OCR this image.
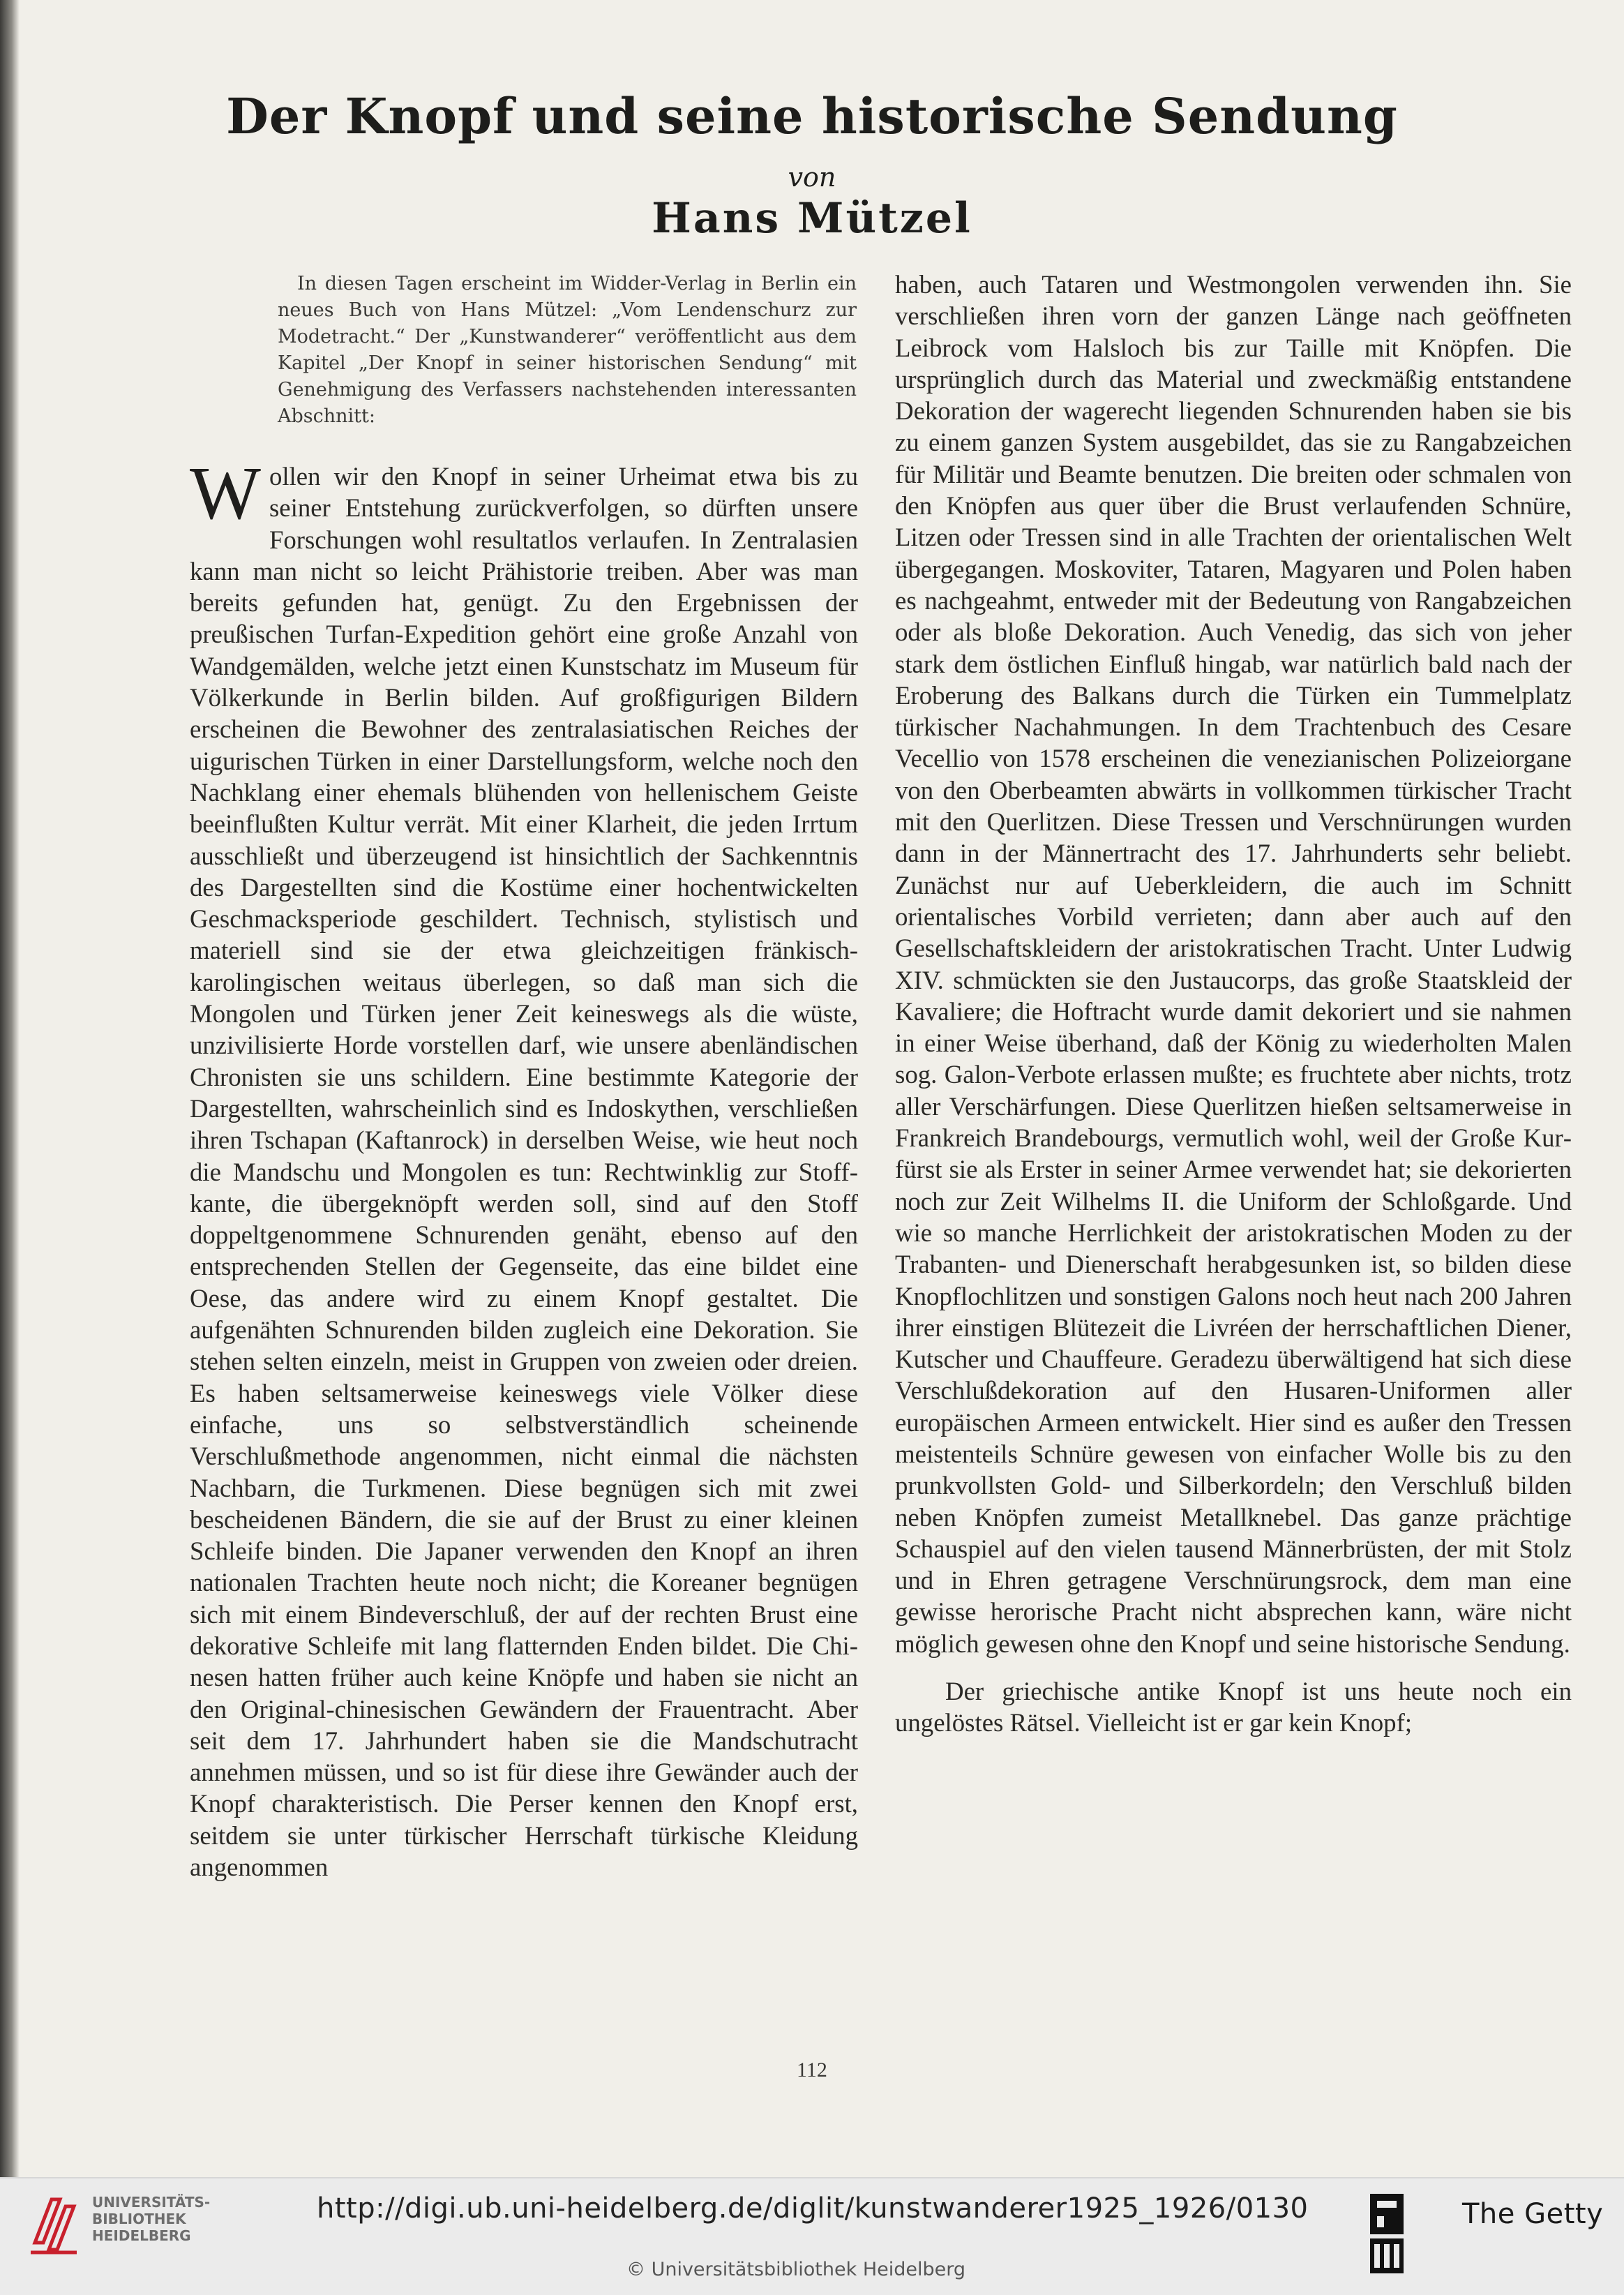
Der Knopf und seine historische Sendung
von
Hans Mützel
In diesen Tagen erscheint im Widder-Verlag in Berlin ein neues Buch von Hans Mützel: „Vom Lendenschurz zur Modetracht.“ Der „Kunstwanderer“ veröffentlicht aus dem Kapitel „Der Knopf in seiner historischen Sendung“ mit Genehmigung des Verfassers nachstehenden interessanten Abschnitt:

Wollen wir den Knopf in seiner Urheimat etwa bis zu seiner Entstehung zurückverfolgen, so dürften unsere Forschungen wohl resultatlos verlaufen. In Zentralasien kann man nicht so leicht Prähistorie treiben. Aber was man bereits gefunden hat, genügt. Zu den Ergebnissen der preußischen Turfan-Expedition gehört eine große Anzahl von Wandgemälden, welche jetzt einen Kunstschatz im Museum für Völkerkunde in Berlin bilden. Auf großfigurigen Bildern erscheinen die Bewohner des zentralasiatischen Reiches der uigurischen Türken in einer Darstellungsform, welche noch den Nachklang einer ehemals blühenden von hellenischem Geiste beeinflußten Kultur verrät. Mit einer Klarheit, die jeden Irrtum ausschließt und überzeugend ist hinsichtlich der Sachkenntnis des Dargestellten sind die Kostüme einer hochentwickelten Geschmacksperiode geschildert. Technisch, stylistisch und materiell sind sie der etwa gleichzeitigen fränkisch-karolingischen weitaus überlegen, so daß man sich die Mongolen und Türken jener Zeit keineswegs als die wüste, unzivilisierte Horde vorstellen darf, wie unsere abenländischen Chronisten sie uns schildern. Eine bestimmte Kategorie der Dargestellten, wahrscheinlich sind es Indoskythen, verschließen ihren Tschapan (Kaftanrock) in derselben Weise, wie heut noch die Mandschu und Mongolen es tun: Rechtwinklig zur Stoffkante, die übergeknöpft werden soll, sind auf den Stoff doppeltgenommene Schnurenden genäht, ebenso auf den entsprechenden Stellen der Gegenseite, das eine bildet eine Oese, das andere wird zu einem Knopf gestaltet. Die aufgenähten Schnurenden bilden zugleich eine Dekoration. Sie stehen selten einzeln, meist in Gruppen von zweien oder dreien. Es haben seltsamerweise keineswegs viele Völker diese einfache, uns so selbstverständlich scheinende Verschlußmethode angenommen, nicht einmal die nächsten Nachbarn, die Turkmenen. Diese begnügen sich mit zwei bescheidenen Bändern, die sie auf der Brust zu einer kleinen Schleife binden. Die Japaner verwenden den Knopf an ihren nationalen Trachten heute noch nicht; die Koreaner begnügen sich mit einem Bindeverschluß, der auf der rechten Brust eine dekorative Schleife mit lang flatternden Enden bildet. Die Chinesen hatten früher auch keine Knöpfe und haben sie nicht an den Original-chinesischen Gewändern der Frauentracht. Aber seit dem 17. Jahrhundert haben sie die Mandschutracht annehmen müssen, und so ist für diese ihre Gewänder auch der Knopf charakteristisch. Die Perser kennen den Knopf erst, seitdem sie unter türkischer Herrschaft türkische Kleidung angenommen

haben, auch Tataren und Westmongolen verwenden ihn. Sie verschließen ihren vorn der ganzen Länge nach geöffneten Leibrock vom Halsloch bis zur Taille mit Knöpfen. Die ursprünglich durch das Material und zweckmäßig entstandene Dekoration der wagerecht liegenden Schnurenden haben sie bis zu einem ganzen System ausgebildet, das sie zu Rangabzeichen für Militär und Beamte benutzen. Die breiten oder schmalen von den Knöpfen aus quer über die Brust verlaufenden Schnüre, Litzen oder Tressen sind in alle Trachten der orientalischen Welt übergegangen. Moskoviter, Tataren, Magyaren und Polen haben es nachgeahmt, entweder mit der Bedeutung von Rangabzeichen oder als bloße Dekoration. Auch Venedig, das sich von jeher stark dem östlichen Einfluß hingab, war natürlich bald nach der Eroberung des Balkans durch die Türken ein Tummelplatz türkischer Nachahmungen. In dem Trachtenbuch des Cesare Vecellio von 1578 erscheinen die venezianischen Polizeiorgane von den Oberbeamten abwärts in vollkommen türkischer Tracht mit den Querlitzen. Diese Tressen und Verschnürungen wurden dann in der Männertracht des 17. Jahrhunderts sehr beliebt. Zunächst nur auf Ueberkleidern, die auch im Schnitt orientalisches Vorbild verrieten; dann aber auch auf den Gesellschaftskleidern der aristokratischen Tracht. Unter Ludwig XIV. schmückten sie den Justaucorps, das große Staatskleid der Kavaliere; die Hoftracht wurde damit dekoriert und sie nahmen in einer Weise überhand, daß der König zu wiederholten Malen sog. Galon-Verbote erlassen mußte; es fruchtete aber nichts, trotz aller Verschärfungen. Diese Querlitzen hießen seltsamerweise in Frankreich Brandebourgs, vermutlich wohl, weil der Große Kurfürst sie als Erster in seiner Armee verwendet hat; sie dekorierten noch zur Zeit Wilhelms II. die Uniform der Schloßgarde. Und wie so manche Herrlichkeit der aristokratischen Moden zu der Trabanten- und Dienerschaft herabgesunken ist, so bilden diese Knopflochlitzen und sonstigen Galons noch heut nach 200 Jahren ihrer einstigen Blütezeit die Livréen der herrschaftlichen Diener, Kutscher und Chauffeure. Geradezu überwältigend hat sich diese Verschlußdekoration auf den Husaren-Uniformen aller europäischen Armeen entwickelt. Hier sind es außer den Tressen meistenteils Schnüre gewesen von einfacher Wolle bis zu den prunkvollsten Gold- und Silberkordeln; den Verschluß bilden neben Knöpfen zumeist Metallknebel. Das ganze prächtige Schauspiel auf den vielen tausend Männerbrüsten, der mit Stolz und in Ehren getragene Verschnürungsrock, dem man eine gewisse herorische Pracht nicht absprechen kann, wäre nicht möglich gewesen ohne den Knopf und seine historische Sendung.

Der griechische antike Knopf ist uns heute noch ein ungelöstes Rätsel. Vielleicht ist er gar kein Knopf;

112
UNIVERSITÄTS-
BIBLIOTHEK
HEIDELBERG
http://digi.ub.uni-heidelberg.de/diglit/kunstwanderer1925_1926/0130
© Universitätsbibliothek Heidelberg
The Getty
